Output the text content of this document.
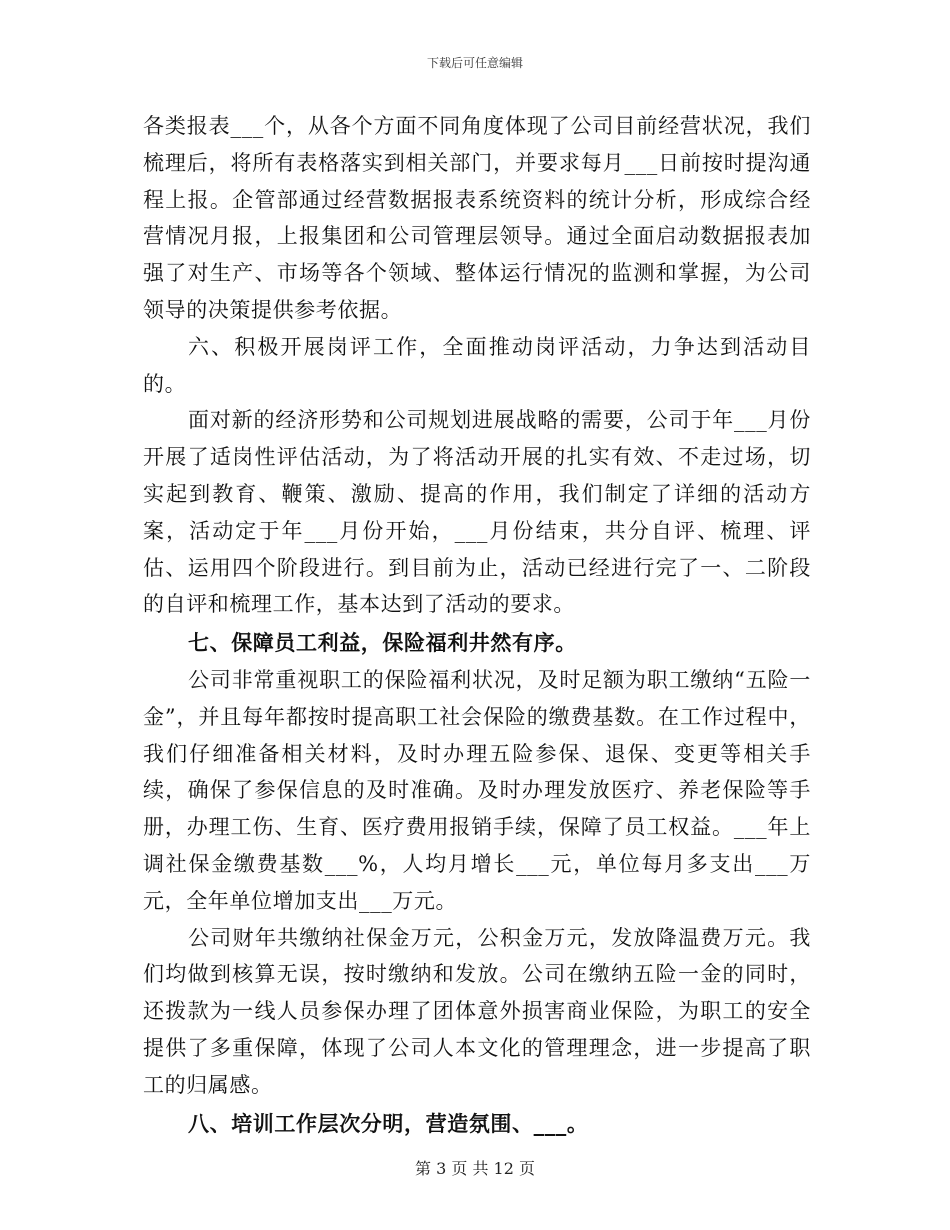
下载后可任意编辑

各类报表___个，从各个方面不同角度体现了公司目前经营状况，我们梳理后，将所有表格落实到相关部门，并要求每月___日前按时提沟通程上报。企管部通过经营数据报表系统资料的统计分析，形成综合经营情况月报，上报集团和公司管理层领导。通过全面启动数据报表加强了对生产、市场等各个领域、整体运行情况的监测和掌握，为公司领导的决策提供参考依据。

六、积极开展岗评工作，全面推动岗评活动，力争达到活动目的。

面对新的经济形势和公司规划进展战略的需要，公司于年___月份开展了适岗性评估活动，为了将活动开展的扎实有效、不走过场，切实起到教育、鞭策、激励、提高的作用，我们制定了详细的活动方案，活动定于年___月份开始，___月份结束，共分自评、梳理、评估、运用四个阶段进行。到目前为止，活动已经进行完了一、二阶段的自评和梳理工作，基本达到了活动的要求。

七、保障员工利益，保险福利井然有序。

公司非常重视职工的保险福利状况，及时足额为职工缴纳“五险一金”，并且每年都按时提高职工社会保险的缴费基数。在工作过程中，我们仔细准备相关材料，及时办理五险参保、退保、变更等相关手续，确保了参保信息的及时准确。及时办理发放医疗、养老保险等手册，办理工伤、生育、医疗费用报销手续，保障了员工权益。___年上调社保金缴费基数___%，人均月增长___元，单位每月多支出___万元，全年单位增加支出___万元。

公司财年共缴纳社保金万元，公积金万元，发放降温费万元。我们均做到核算无误，按时缴纳和发放。公司在缴纳五险一金的同时，还拨款为一线人员参保办理了团体意外损害商业保险，为职工的安全提供了多重保障，体现了公司人本文化的管理理念，进一步提高了职工的归属感。

八、培训工作层次分明，营造氛围、___。

第 3 页 共 12 页
